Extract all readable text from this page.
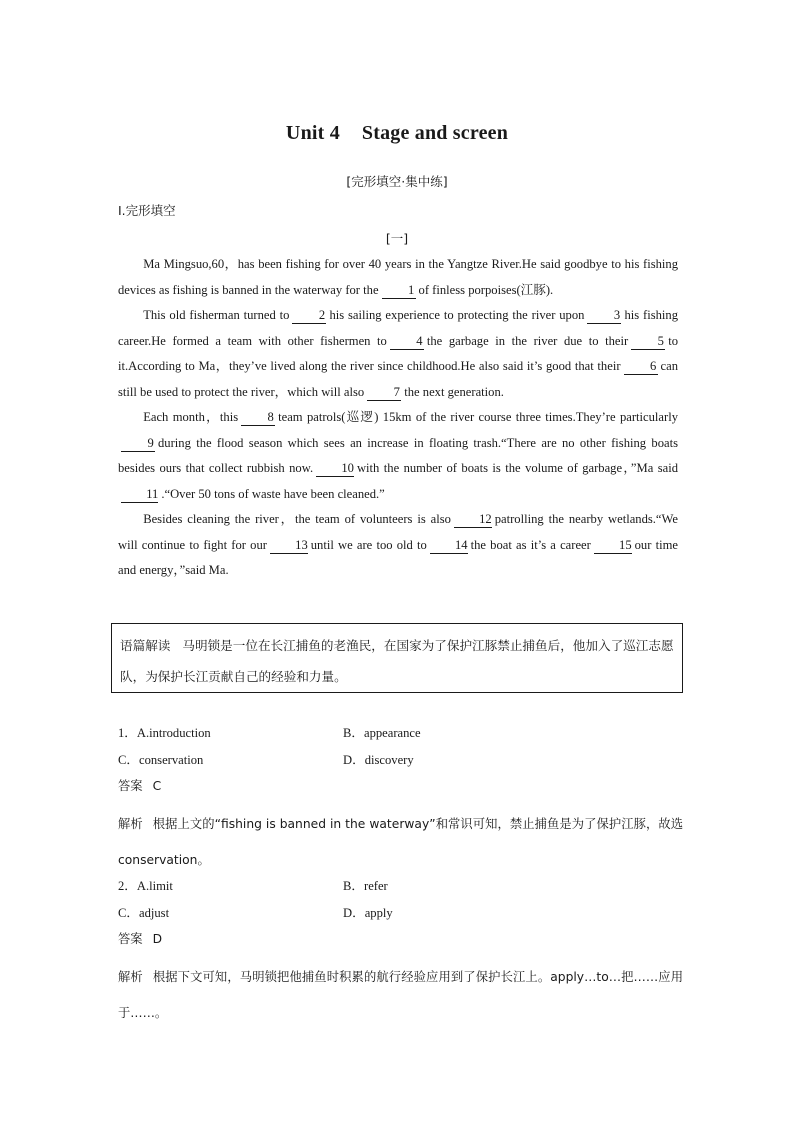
Unit 4 Stage and screen
[完形填空·集中练]
Ⅰ.完形填空
[一]

Ma Mingsuo,60，has been fishing for over 40 years in the Yangtze River.He said goodbye to his fishing devices as fishing is banned in the waterway for the 1 of finless porpoises(江豚).

This old fisherman turned to 2 his sailing experience to protecting the river upon 3 his fishing career.He formed a team with other fishermen to 4 the garbage in the river due to their 5 to it.According to Ma，they’ve lived along the river since childhood.He also said it’s good that their 6 can still be used to protect the river，which will also 7 the next generation.

Each month，this 8 team patrols(巡逻) 15km of the river course three times.They’re particularly9 during the flood season which sees an increase in floating trash.“There are no other fishing boats besides ours that collect rubbish now. 10 with the number of boats is the volume of garbage，”Ma said11 .“Over 50 tons of waste have been cleaned.”

Besides cleaning the river，the team of volunteers is also 12 patrolling the nearby wetlands.“We will continue to fight for our 13 until we are too old to 14 the boat as it’s a career 15 our time and energy，”said Ma.

语篇解读 马明锁是一位在长江捕鱼的老渔民，在国家为了保护江豚禁止捕鱼后，他加入了巡江志愿队，为保护长江贡献自己的经验和力量。
1．A.introduction	B．appearance
C．conservation	D．discovery
答案 C
解析 根据上文的“fishing is banned in the waterway”和常识可知，禁止捕鱼是为了保护江豚，故选conservation。
2．A.limit	B．refer
C．adjust	D．apply
答案 D
解析 根据下文可知，马明锁把他捕鱼时积累的航行经验应用到了保护长江上。apply…to…把……应用于……。
